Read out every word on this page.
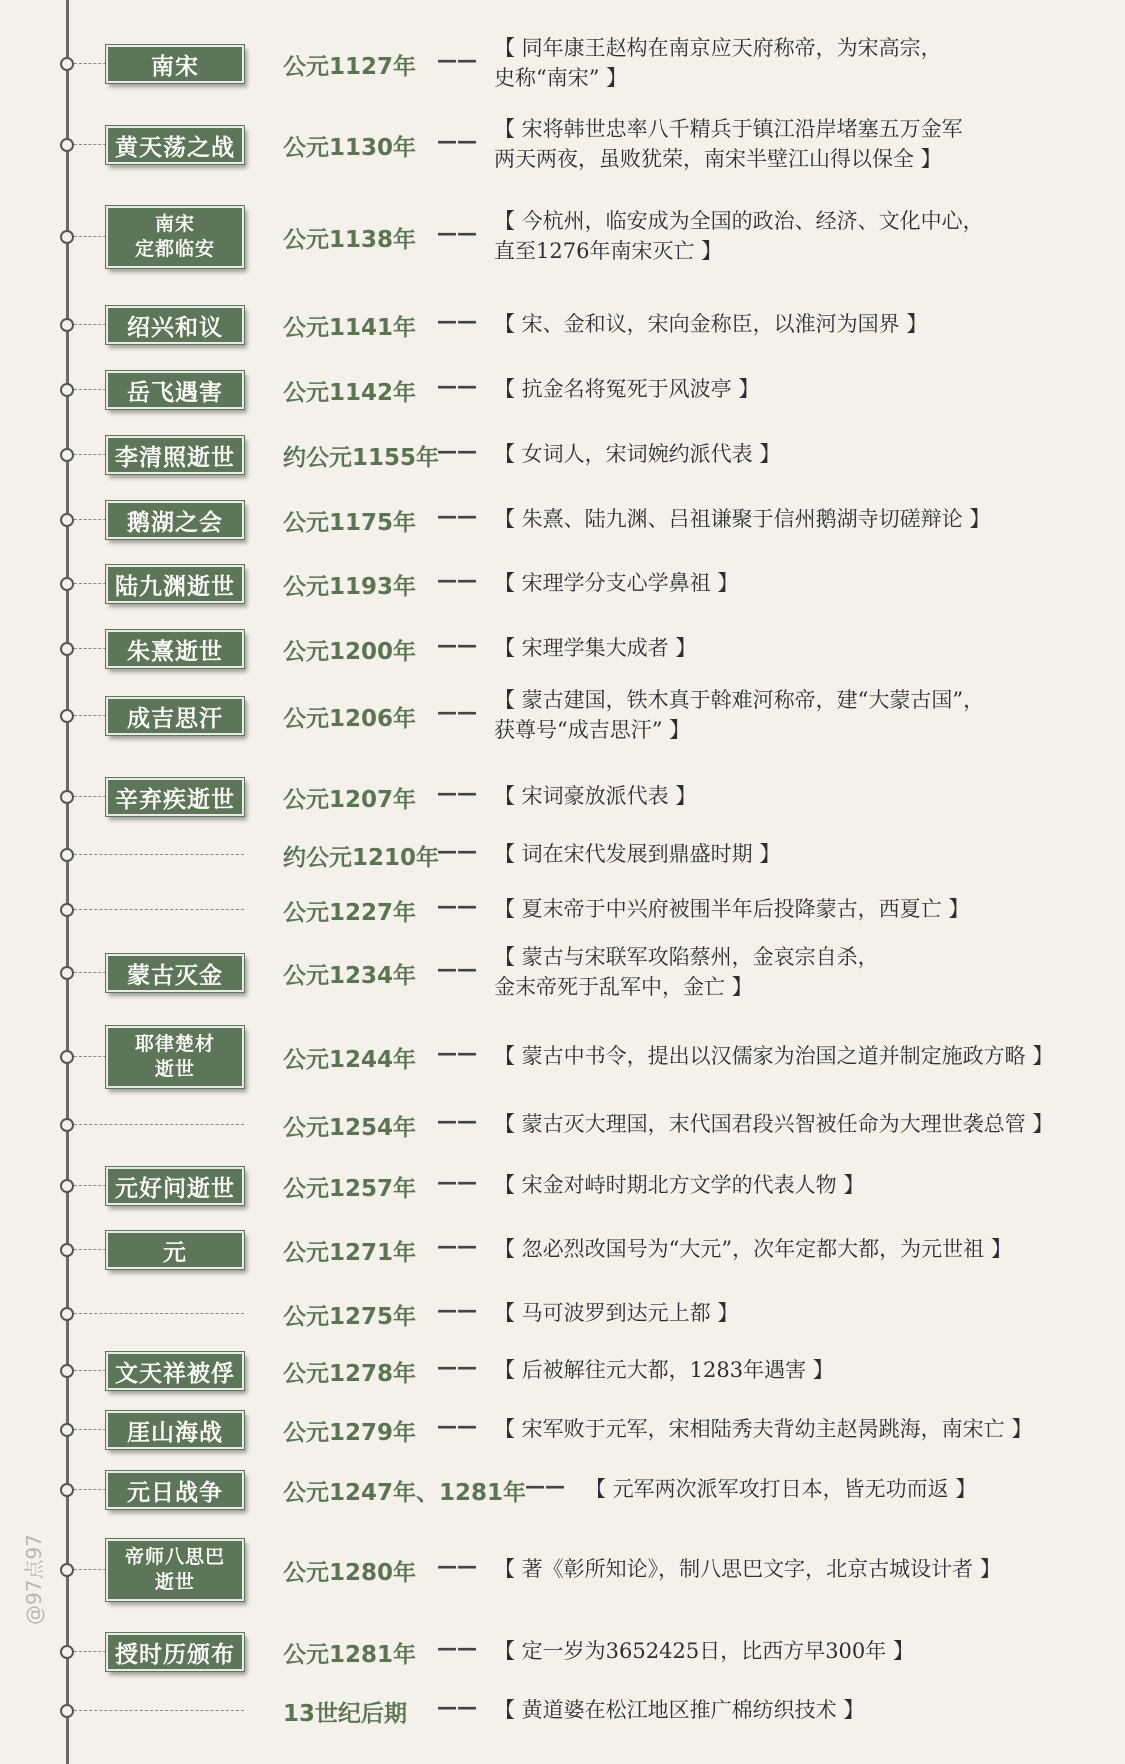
南宋	公元1127年 —— 【 同年康王赵构在南京应天府称帝，为宋高宗，
史称“南宋” 】
黄天荡之战	公元1130年 —— 【 宋将韩世忠率八千精兵于镇江沿岸堵塞五万金军
两天两夜，虽败犹荣，南宋半壁江山得以保全 】
南宋
定都临安	公元1138年 —— 【 今杭州，临安成为全国的政治、经济、文化中心，
直至1276年南宋灭亡 】
绍兴和议	公元1141年 —— 【 宋、金和议，宋向金称臣，以淮河为国界 】
岳飞遇害	公元1142年 —— 【 抗金名将冤死于风波亭 】
李清照逝世	约公元1155年
—— 【 女词人，宋词婉约派代表 】
鹅湖之会	公元1175年 —— 【 朱熹、陆九渊、吕祖谦聚于信州鹅湖寺切磋辩论 】
陆九渊逝世	公元1193年 —— 【 宋理学分支心学鼻祖 】
朱熹逝世	公元1200年 —— 【 宋理学集大成者 】
成吉思汗	公元1206年 —— 【 蒙古建国，铁木真于斡难河称帝，建“大蒙古国”，
获尊号“成吉思汗” 】
辛弃疾逝世	公元1207年 —— 【 宋词豪放派代表 】
约公元1210年
—— 【 词在宋代发展到鼎盛时期 】
公元1227年 —— 【 夏末帝于中兴府被围半年后投降蒙古，西夏亡 】
蒙古灭金	公元1234年 —— 【 蒙古与宋联军攻陷蔡州，金哀宗自杀，
金末帝死于乱军中，金亡 】
耶律楚材
逝世	公元1244年 —— 【 蒙古中书令，提出以汉儒家为治国之道并制定施政方略 】
公元1254年 —— 【 蒙古灭大理国，末代国君段兴智被任命为大理世袭总管 】
元好问逝世	公元1257年 —— 【 宋金对峙时期北方文学的代表人物 】
元	公元1271年 —— 【 忽必烈改国号为“大元”，次年定都大都，为元世祖 】
公元1275年 —— 【 马可波罗到达元上都 】
文天祥被俘	公元1278年 —— 【 后被解往元大都，1283年遇害 】
厓山海战	公元1279年 —— 【 宋军败于元军，宋相陆秀夫背幼主赵昺跳海，南宋亡 】
元日战争	公元1247年、1281年
—— 【 元军两次派军攻打日本，皆无功而返 】
帝师八思巴
逝世	公元1280年 —— 【 著《彰所知论》，制八思巴文字，北京古城设计者 】
授时历颁布	公元1281年 —— 【 定一岁为3652425日，比西方早300年 】
13世纪后期 —— 【 黄道婆在松江地区推广棉纺织技术 】
@97点97
